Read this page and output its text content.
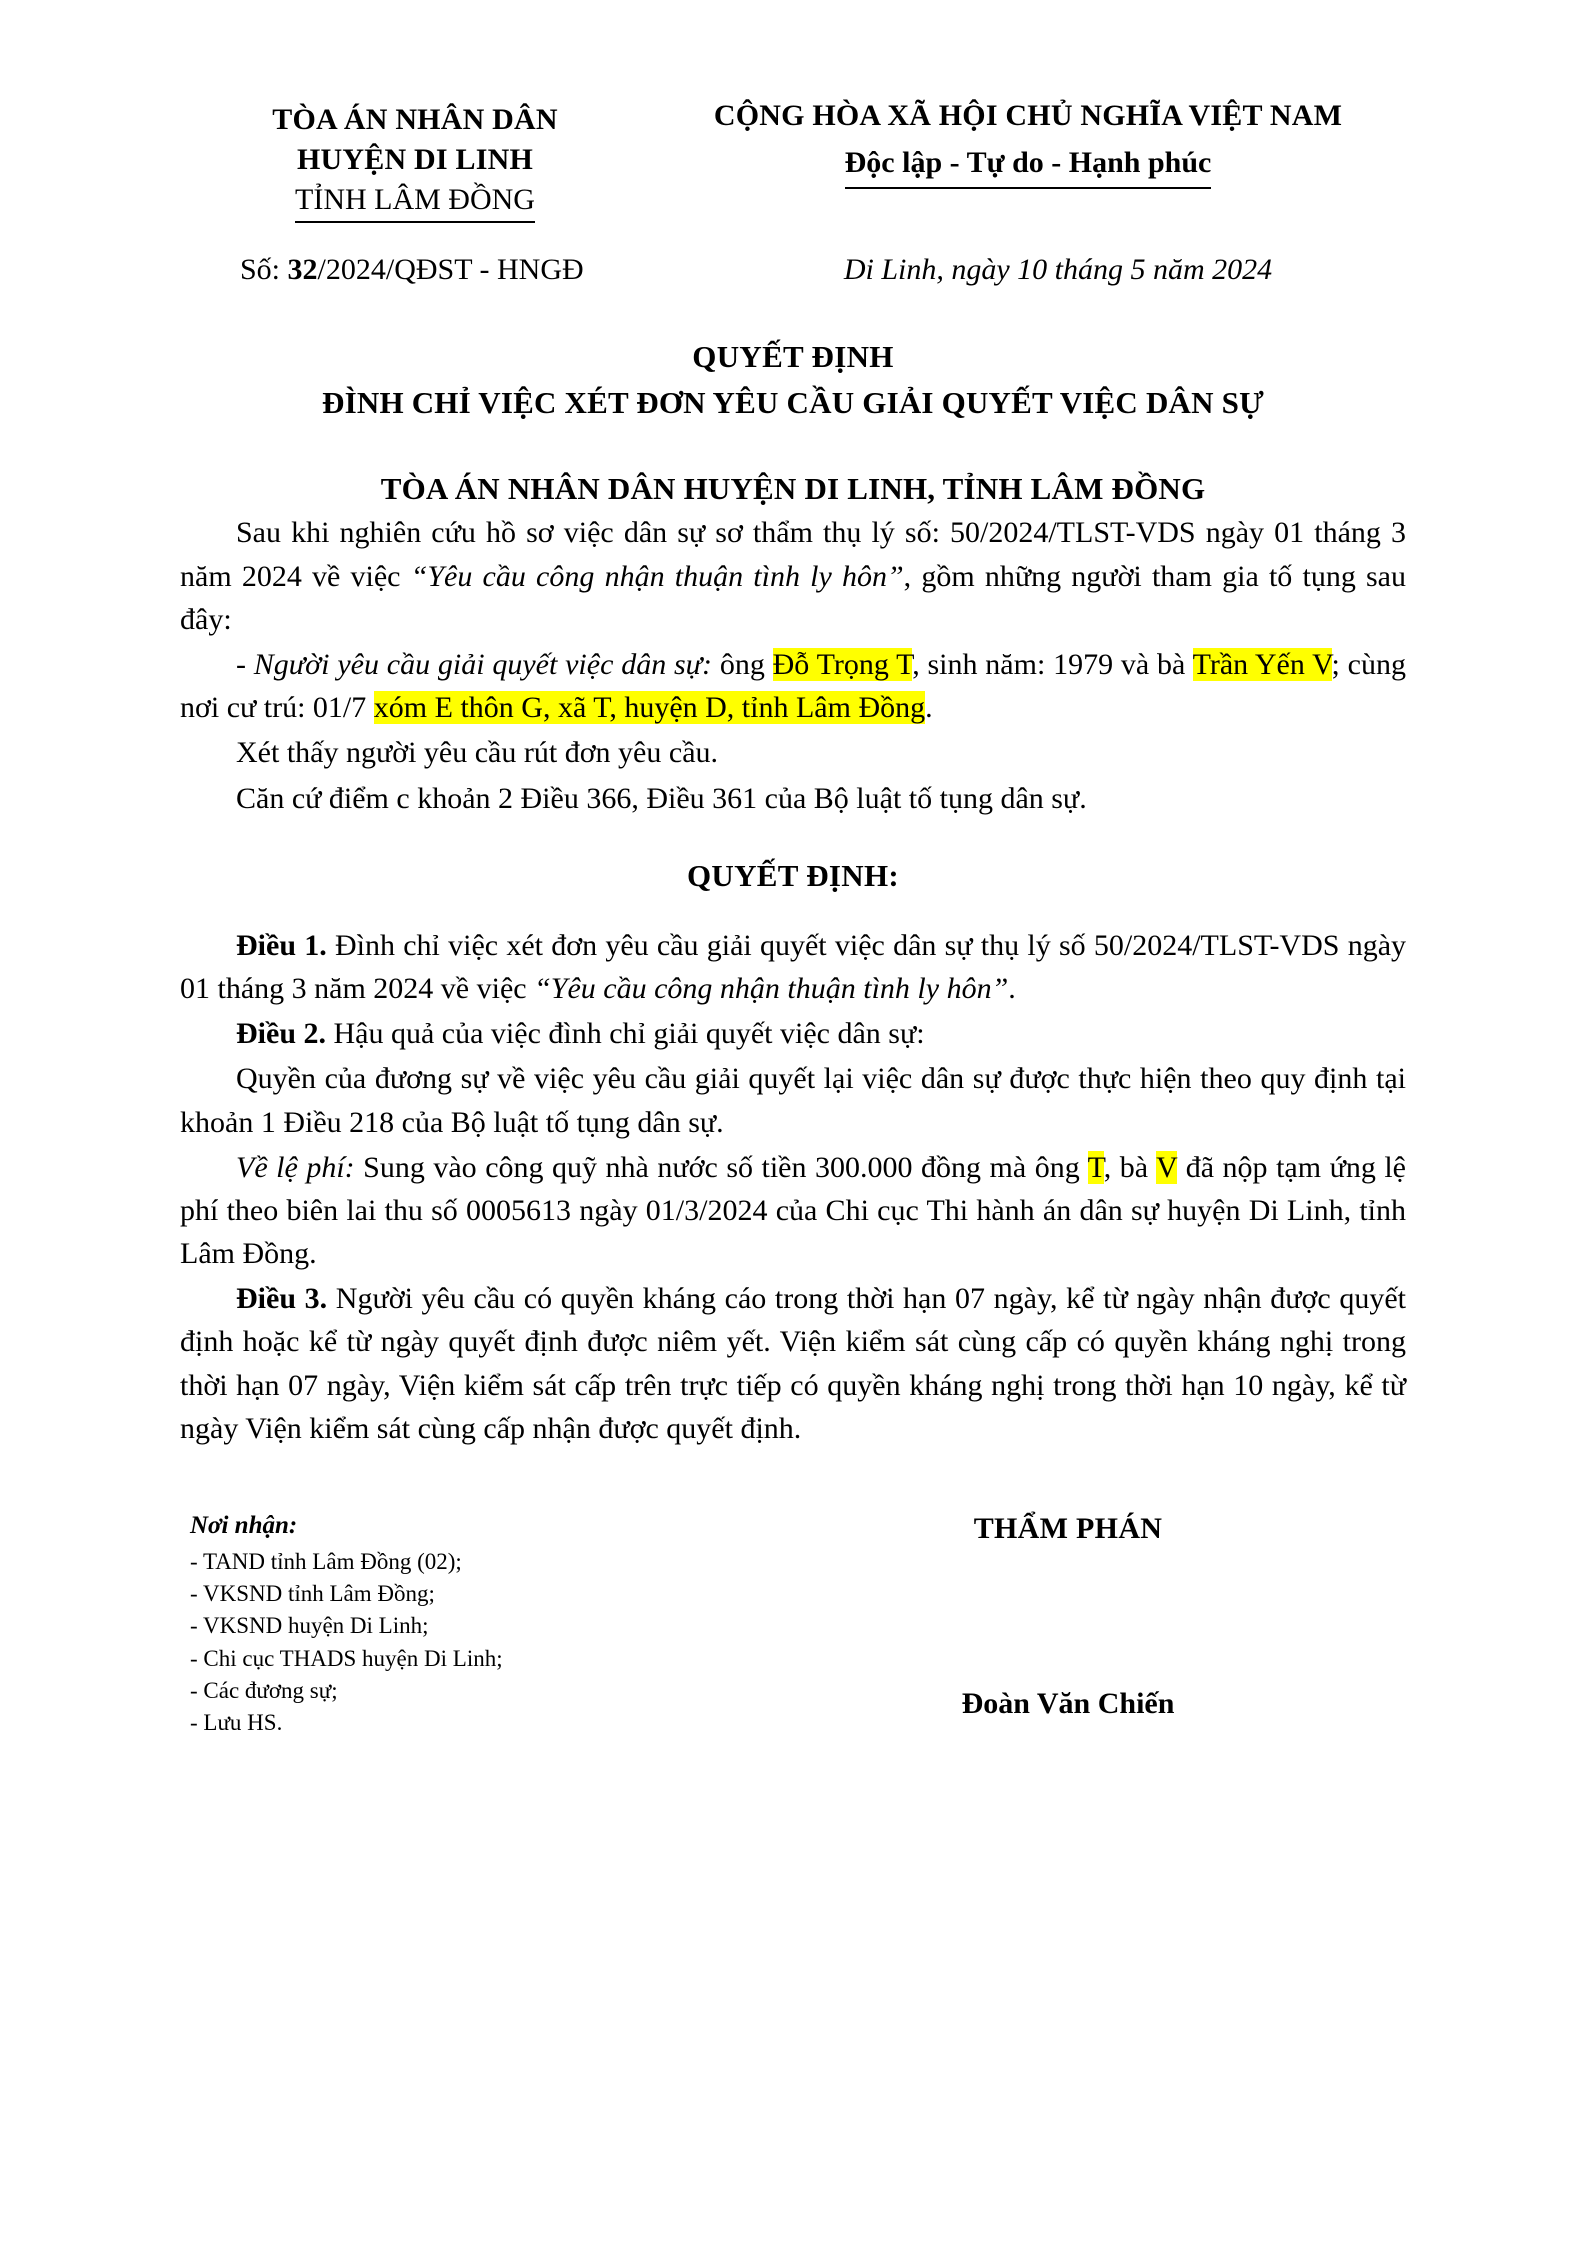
TÒA ÁN NHÂN DÂN
HUYỆN DI LINH
TỈNH LÂM ĐỒNG
CỘNG HÒA XÃ HỘI CHỦ NGHĨA VIỆT NAM
Độc lập - Tự do - Hạnh phúc
Số: 32/2024/QĐST - HNGĐ	Di Linh, ngày 10 tháng 5 năm 2024
QUYẾT ĐỊNH
ĐÌNH CHỈ VIỆC XÉT ĐƠN YÊU CẦU GIẢI QUYẾT VIỆC DÂN SỰ
TÒA ÁN NHÂN DÂN HUYỆN DI LINH, TỈNH LÂM ĐỒNG

Sau khi nghiên cứu hồ sơ việc dân sự sơ thẩm thụ lý số: 50/2024/TLST-VDS ngày 01 tháng 3 năm 2024 về việc “Yêu cầu công nhận thuận tình ly hôn”, gồm những người tham gia tố tụng sau đây:

- Người yêu cầu giải quyết việc dân sự: ông Đỗ Trọng T, sinh năm: 1979 và bà Trần Yến V; cùng nơi cư trú: 01/7 xóm E thôn G, xã T, huyện D, tỉnh Lâm Đồng.

Xét thấy người yêu cầu rút đơn yêu cầu.

Căn cứ điểm c khoản 2 Điều 366, Điều 361 của Bộ luật tố tụng dân sự.

QUYẾT ĐỊNH:

Điều 1. Đình chỉ việc xét đơn yêu cầu giải quyết việc dân sự thụ lý số 50/2024/TLST-VDS ngày 01 tháng 3 năm 2024 về việc “Yêu cầu công nhận thuận tình ly hôn”.

Điều 2. Hậu quả của việc đình chỉ giải quyết việc dân sự:

Quyền của đương sự về việc yêu cầu giải quyết lại việc dân sự được thực hiện theo quy định tại khoản 1 Điều 218 của Bộ luật tố tụng dân sự.

Về lệ phí: Sung vào công quỹ nhà nước số tiền 300.000 đồng mà ông T, bà V đã nộp tạm ứng lệ phí theo biên lai thu số 0005613 ngày 01/3/2024 của Chi cục Thi hành án dân sự huyện Di Linh, tỉnh Lâm Đồng.

Điều 3. Người yêu cầu có quyền kháng cáo trong thời hạn 07 ngày, kể từ ngày nhận được quyết định hoặc kể từ ngày quyết định được niêm yết. Viện kiểm sát cùng cấp có quyền kháng nghị trong thời hạn 07 ngày, Viện kiểm sát cấp trên trực tiếp có quyền kháng nghị trong thời hạn 10 ngày, kể từ ngày Viện kiểm sát cùng cấp nhận được quyết định.

Nơi nhận:
- TAND tỉnh Lâm Đồng (02);
- VKSND tỉnh Lâm Đồng;
- VKSND huyện Di Linh;
- Chi cục THADS huyện Di Linh;
- Các đương sự;
- Lưu HS.
THẨM PHÁN
Đoàn Văn Chiến
